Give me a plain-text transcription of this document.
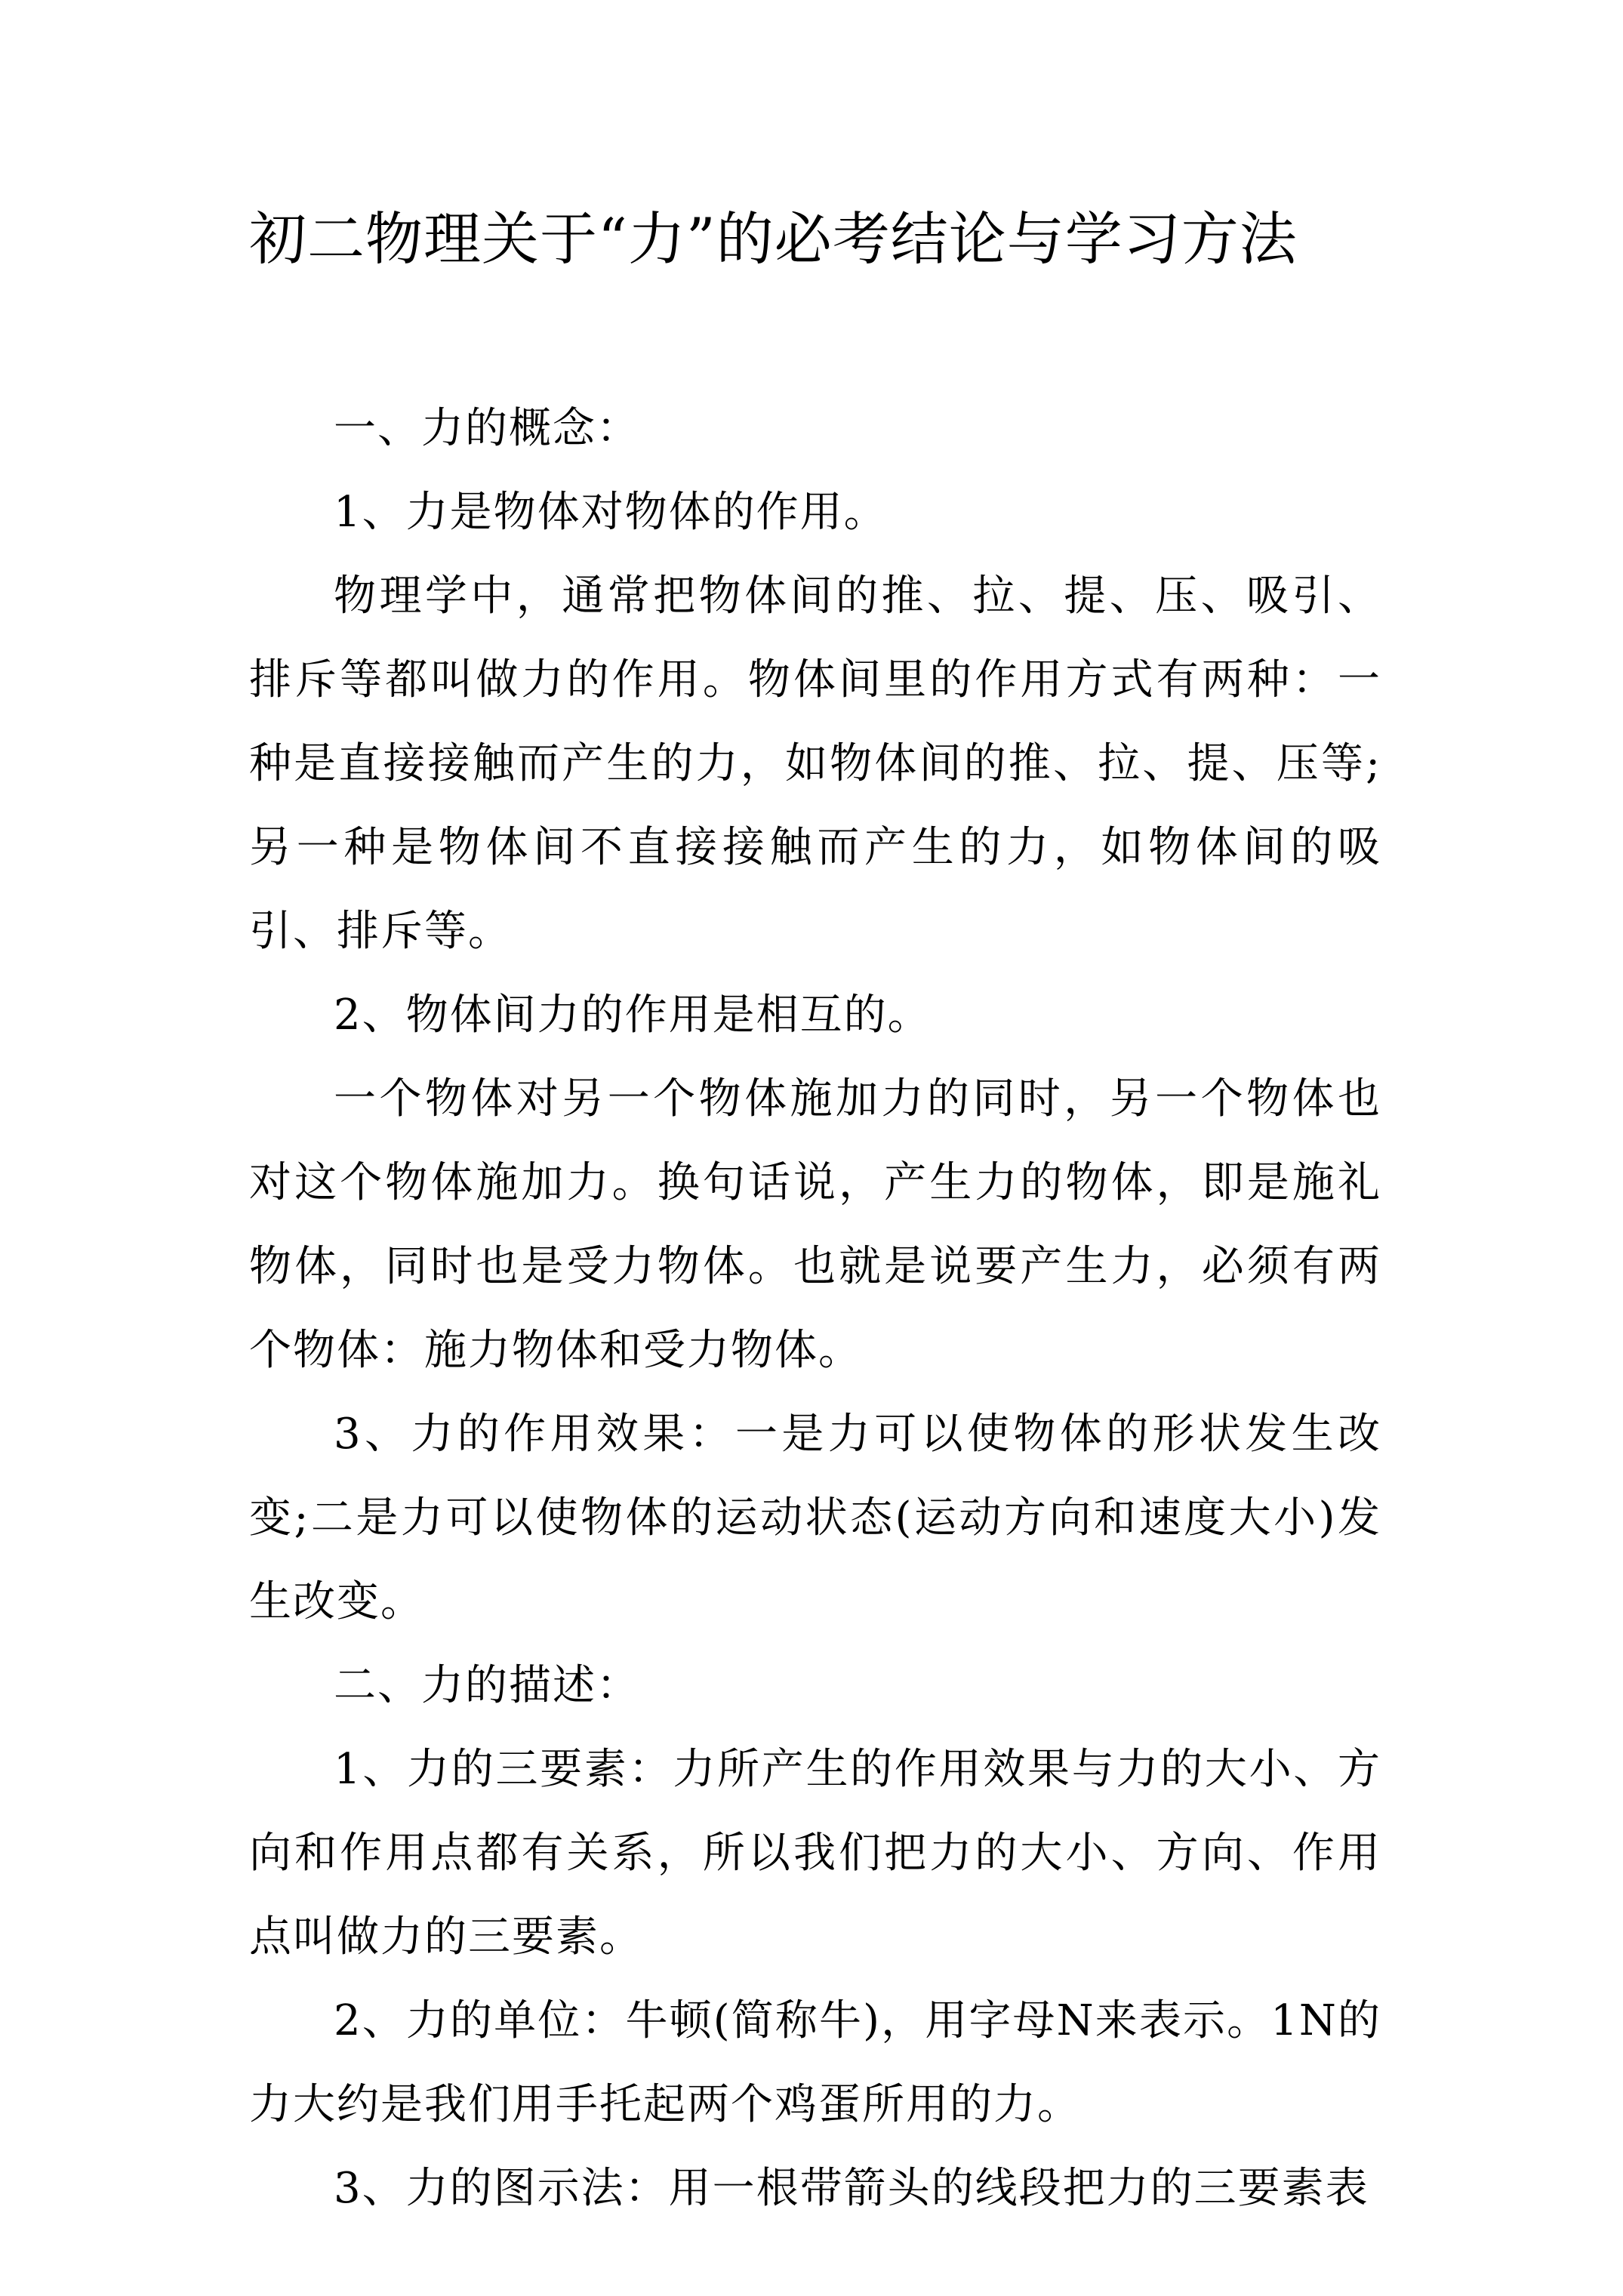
初二物理关于“力”的必考结论与学习方法

一、力的概念：

1、力是物体对物体的作用。

物理学中，通常把物体间的推、拉、提、压、吸引、排斥等都叫做力的作用。物体间里的作用方式有两种：一种是直接接触而产生的力，如物体间的推、拉、提、压等;另一种是物体间不直接接触而产生的力，如物体间的吸引、排斥等。

2、物体间力的作用是相互的。

一个物体对另一个物体施加力的同时，另一个物体也对这个物体施加力。换句话说，产生力的物体，即是施礼物体，同时也是受力物体。也就是说要产生力，必须有两个物体：施力物体和受力物体。

3、力的作用效果：一是力可以使物体的形状发生改变;二是力可以使物体的运动状态(运动方向和速度大小)发生改变。

二、力的描述：

1、力的三要素：力所产生的作用效果与力的大小、方向和作用点都有关系，所以我们把力的大小、方向、作用点叫做力的三要素。

2、力的单位：牛顿(简称牛)，用字母N来表示。1N的力大约是我们用手托起两个鸡蛋所用的力。

3、力的图示法：用一根带箭头的线段把力的三要素表
